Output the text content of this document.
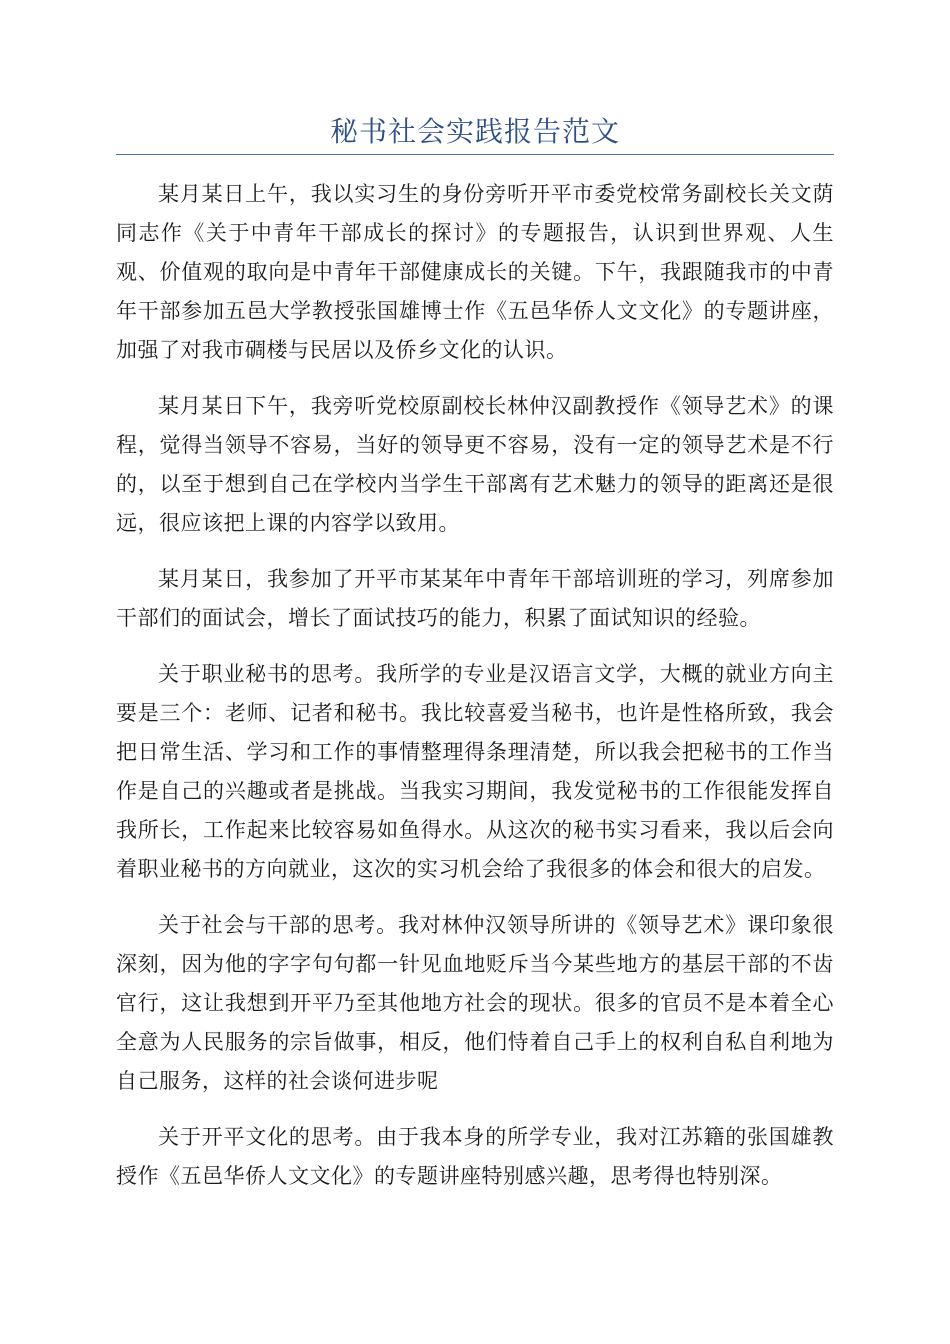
秘书社会实践报告范文

某月某日上午，我以实习生的身份旁听开平市委党校常务副校长关文荫同志作《关于中青年干部成长的探讨》的专题报告，认识到世界观、人生观、价值观的取向是中青年干部健康成长的关键。下午，我跟随我市的中青年干部参加五邑大学教授张国雄博士作《五邑华侨人文文化》的专题讲座，加强了对我市碉楼与民居以及侨乡文化的认识。

某月某日下午，我旁听党校原副校长林仲汉副教授作《领导艺术》的课程，觉得当领导不容易，当好的领导更不容易，没有一定的领导艺术是不行的，以至于想到自己在学校内当学生干部离有艺术魅力的领导的距离还是很远，很应该把上课的内容学以致用。

某月某日，我参加了开平市某某年中青年干部培训班的学习，列席参加干部们的面试会，增长了面试技巧的能力，积累了面试知识的经验。

关于职业秘书的思考。我所学的专业是汉语言文学，大概的就业方向主要是三个：老师、记者和秘书。我比较喜爱当秘书，也许是性格所致，我会把日常生活、学习和工作的事情整理得条理清楚，所以我会把秘书的工作当作是自己的兴趣或者是挑战。当我实习期间，我发觉秘书的工作很能发挥自我所长，工作起来比较容易如鱼得水。从这次的秘书实习看来，我以后会向着职业秘书的方向就业，这次的实习机会给了我很多的体会和很大的启发。

关于社会与干部的思考。我对林仲汉领导所讲的《领导艺术》课印象很深刻，因为他的字字句句都一针见血地贬斥当今某些地方的基层干部的不齿官行，这让我想到开平乃至其他地方社会的现状。很多的官员不是本着全心全意为人民服务的宗旨做事，相反，他们恃着自己手上的权利自私自利地为自己服务，这样的社会谈何进步呢

关于开平文化的思考。由于我本身的所学专业，我对江苏籍的张国雄教授作《五邑华侨人文文化》的专题讲座特别感兴趣，思考得也特别深。
